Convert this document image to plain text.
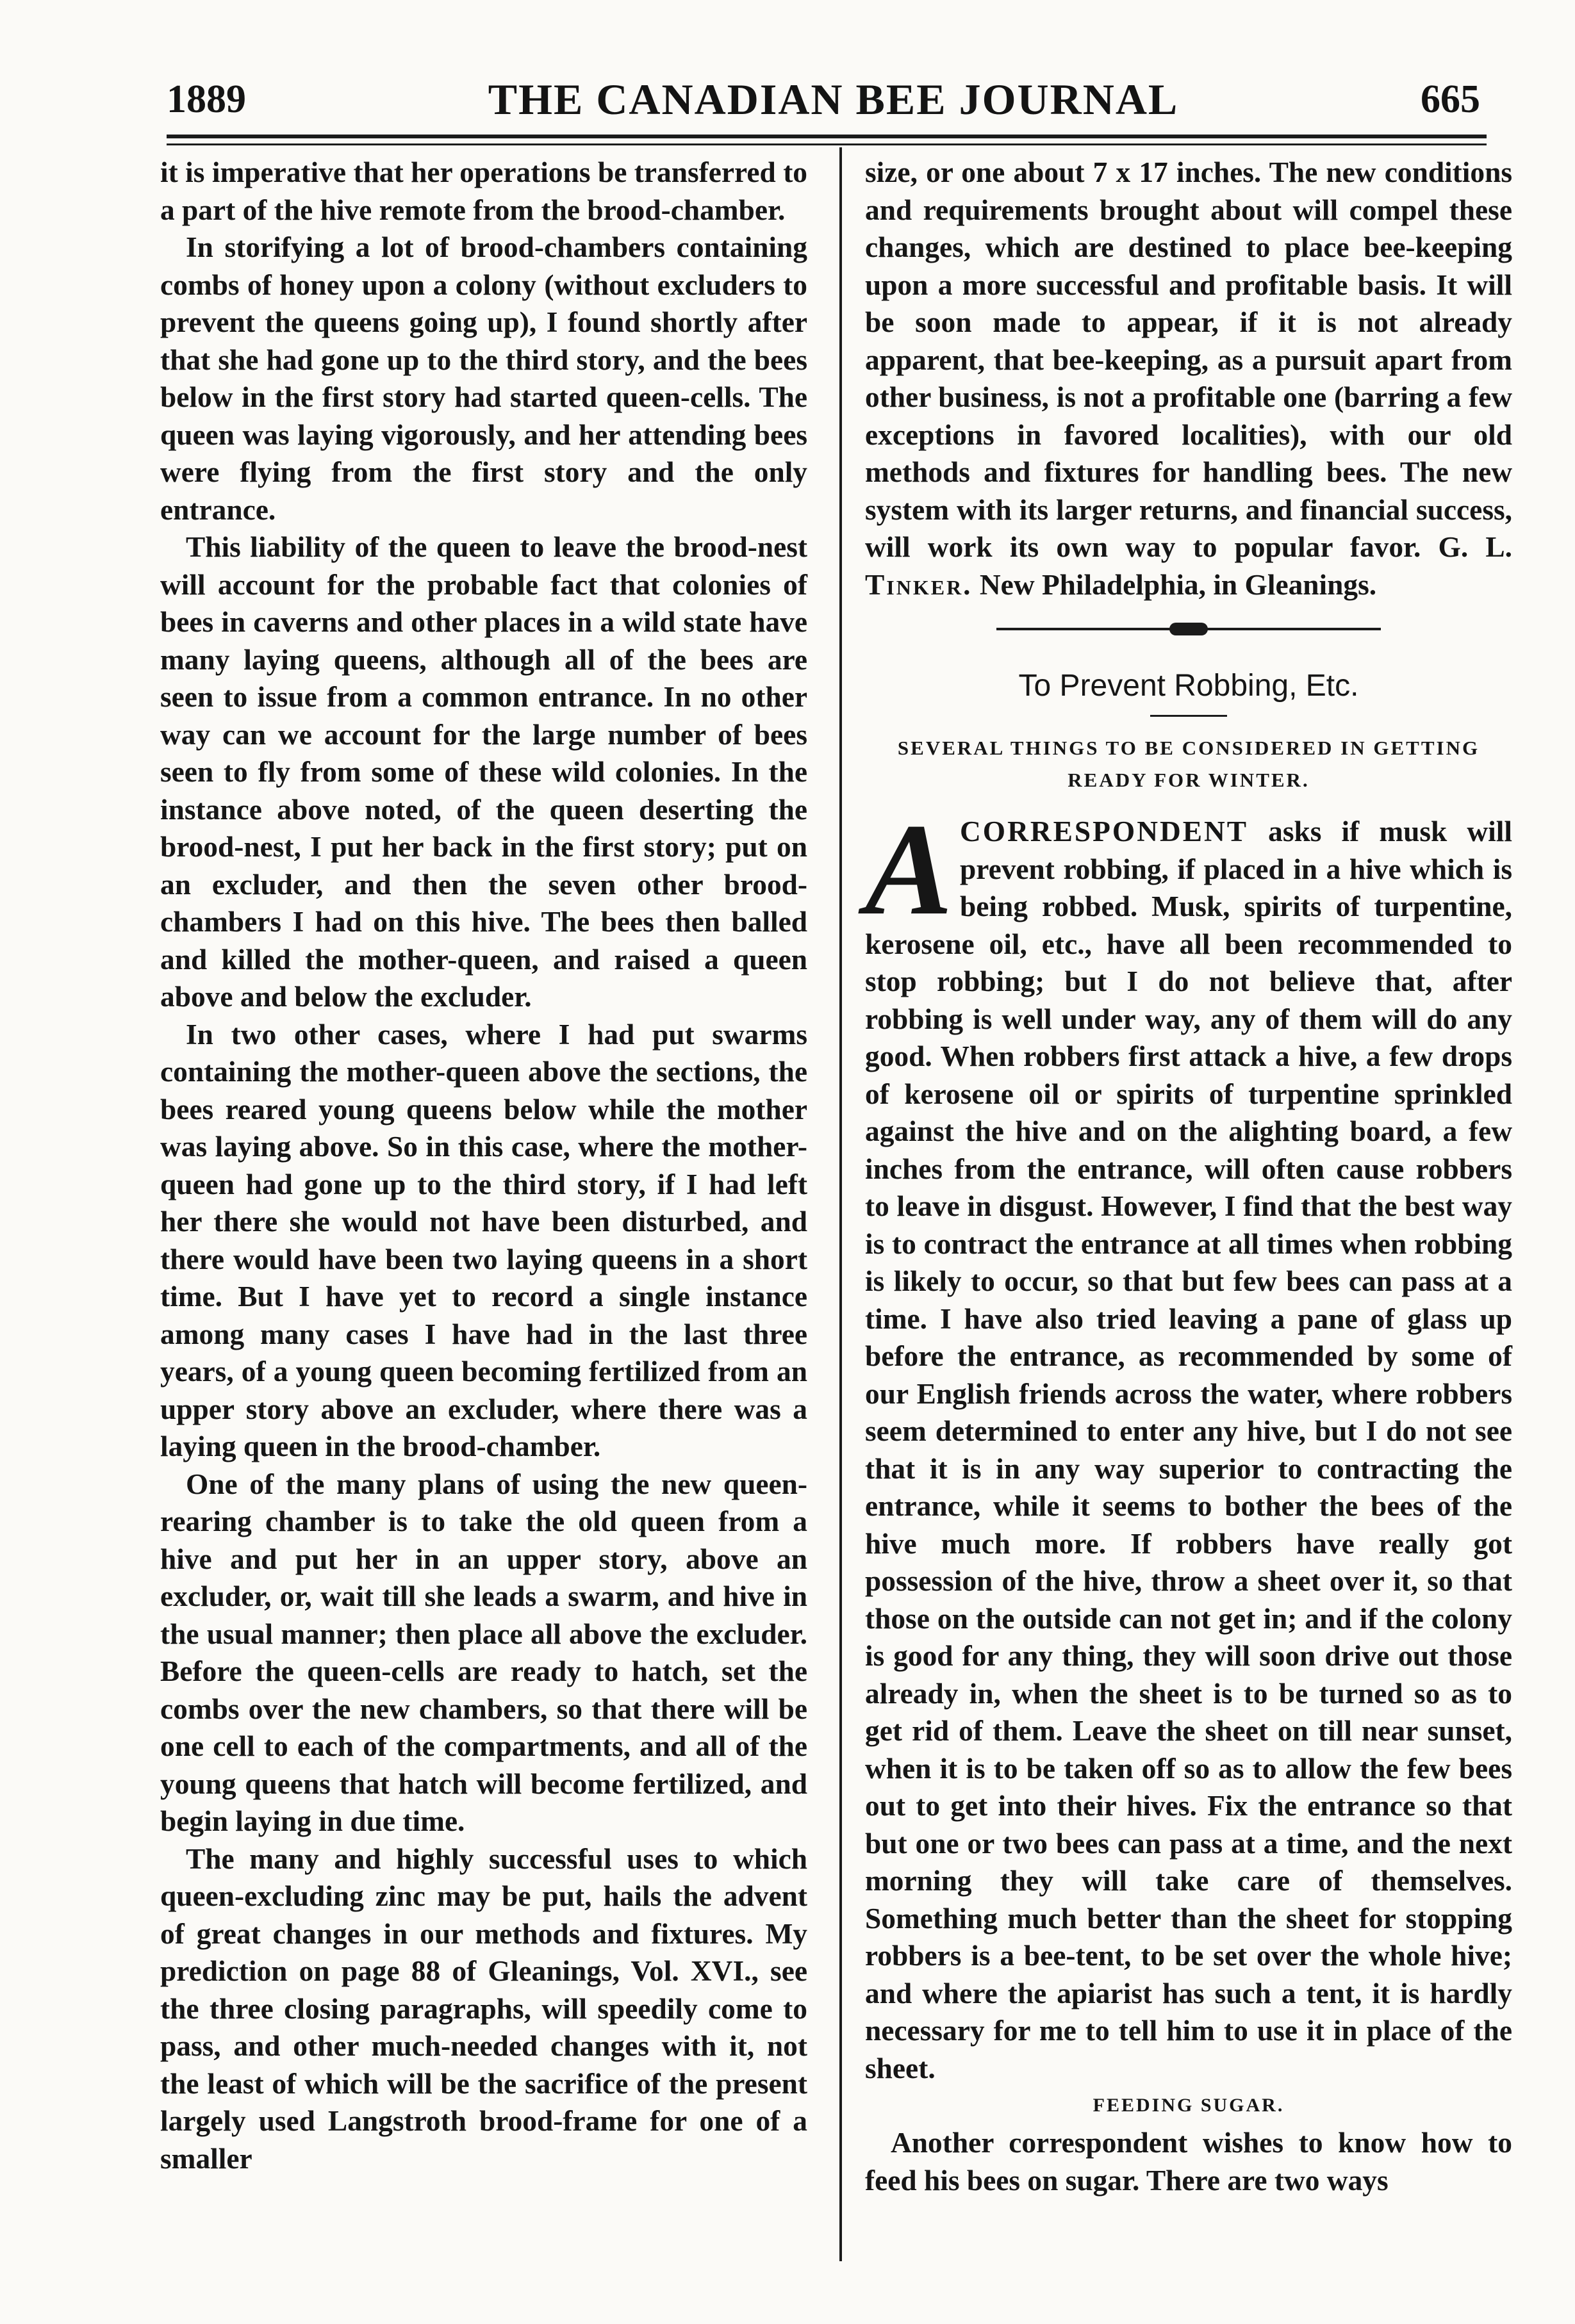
1889	THE CANADIAN BEE JOURNAL	665

it is imperative that her operations be transferred to a part of the hive remote from the brood-chamber.

In storifying a lot of brood-chambers containing combs of honey upon a colony (without excluders to prevent the queens going up), I found shortly after that she had gone up to the third story, and the bees below in the first story had started queen-cells. The queen was laying vigorously, and her attending bees were flying from the first story and the only entrance.

This liability of the queen to leave the brood-nest will account for the probable fact that colonies of bees in caverns and other places in a wild state have many laying queens, although all of the bees are seen to issue from a common entrance. In no other way can we account for the large number of bees seen to fly from some of these wild colonies. In the instance above noted, of the queen deserting the brood-nest, I put her back in the first story; put on an excluder, and then the seven other brood-chambers I had on this hive. The bees then balled and killed the mother-queen, and raised a queen above and below the excluder.

In two other cases, where I had put swarms containing the mother-queen above the sections, the bees reared young queens below while the mother was laying above. So in this case, where the mother-queen had gone up to the third story, if I had left her there she would not have been disturbed, and there would have been two laying queens in a short time. But I have yet to record a single instance among many cases I have had in the last three years, of a young queen becoming fertilized from an upper story above an excluder, where there was a laying queen in the brood-chamber.

One of the many plans of using the new queen-rearing chamber is to take the old queen from a hive and put her in an upper story, above an excluder, or, wait till she leads a swarm, and hive in the usual manner; then place all above the excluder. Before the queen-cells are ready to hatch, set the combs over the new chambers, so that there will be one cell to each of the compartments, and all of the young queens that hatch will become fertilized, and begin laying in due time.

The many and highly successful uses to which queen-excluding zinc may be put, hails the advent of great changes in our methods and fixtures. My prediction on page 88 of Gleanings, Vol. XVI., see the three closing paragraphs, will speedily come to pass, and other much-needed changes with it, not the least of which will be the sacrifice of the present largely used Langstroth brood-frame for one of a smaller

size, or one about 7 x 17 inches. The new conditions and requirements brought about will compel these changes, which are destined to place bee-keeping upon a more successful and profitable basis. It will be soon made to appear, if it is not already apparent, that bee-keeping, as a pursuit apart from other business, is not a profitable one (barring a few exceptions in favored localities), with our old methods and fixtures for handling bees. The new system with its larger returns, and financial success, will work its own way to popular favor. G. L. Tinker. New Philadelphia, in Gleanings.

To Prevent Robbing, Etc.
SEVERAL THINGS TO BE CONSIDERED IN GETTING
READY FOR WINTER.
A CORRESPONDENT asks if musk will prevent robbing, if placed in a hive which is being robbed. Musk, spirits of turpentine, kerosene oil, etc., have all been recommended to stop robbing; but I do not believe that, after robbing is well under way, any of them will do any good. When robbers first attack a hive, a few drops of kerosene oil or spirits of turpentine sprinkled against the hive and on the alighting board, a few inches from the entrance, will often cause robbers to leave in disgust. However, I find that the best way is to contract the entrance at all times when robbing is likely to occur, so that but few bees can pass at a time. I have also tried leaving a pane of glass up before the entrance, as recommended by some of our English friends across the water, where robbers seem determined to enter any hive, but I do not see that it is in any way superior to contracting the entrance, while it seems to bother the bees of the hive much more. If robbers have really got possession of the hive, throw a sheet over it, so that those on the outside can not get in; and if the colony is good for any thing, they will soon drive out those already in, when the sheet is to be turned so as to get rid of them. Leave the sheet on till near sunset, when it is to be taken off so as to allow the few bees out to get into their hives. Fix the entrance so that but one or two bees can pass at a time, and the next morning they will take care of themselves. Something much better than the sheet for stopping robbers is a bee-tent, to be set over the whole hive; and where the apiarist has such a tent, it is hardly necessary for me to tell him to use it in place of the sheet.

FEEDING SUGAR.

Another correspondent wishes to know how to feed his bees on sugar. There are two ways
